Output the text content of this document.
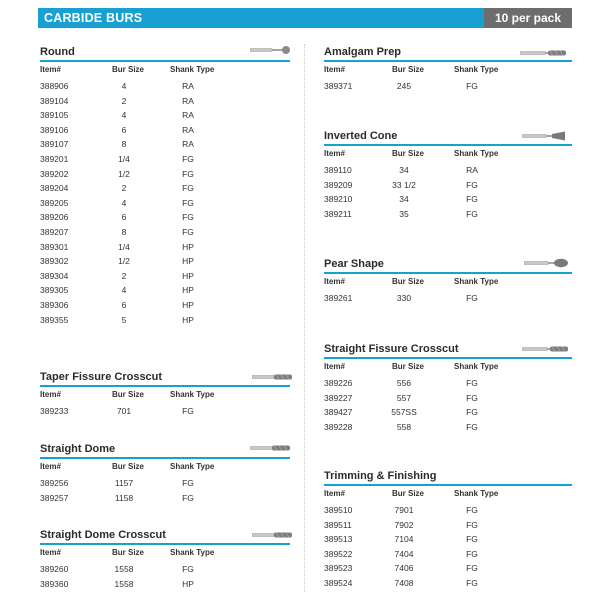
CARBIDE BURS	10 per pack
Round
Item#	Bur Size	Shank Type
388906	4	RA
389104	2	RA
389105	4	RA
389106	6	RA
389107	8	RA
389201	1/4	FG
389202	1/2	FG
389204	2	FG
389205	4	FG
389206	6	FG
389207	8	FG
389301	1/4	HP
389302	1/2	HP
389304	2	HP
389305	4	HP
389306	6	HP
389355	5	HP
Taper Fissure Crosscut
Item#	Bur Size	Shank Type
389233	701	FG
Straight Dome
Item#	Bur Size	Shank Type
389256	1157	FG
389257	1158	FG
Straight Dome Crosscut
Item#	Bur Size	Shank Type
389260	1558	FG
389360	1558	HP
Amalgam Prep
Item#	Bur Size	Shank Type
389371	245	FG
Inverted Cone
Item#	Bur Size	Shank Type
389110	34	RA
389209	33 1/2	FG
389210	34	FG
389211	35	FG
Pear Shape
Item#	Bur Size	Shank Type
389261	330	FG
Straight Fissure Crosscut
Item#	Bur Size	Shank Type
389226	556	FG
389227	557	FG
389427	557SS	FG
389228	558	FG
Trimming & Finishing
Item#	Bur Size	Shank Type
389510	7901	FG
389511	7902	FG
389513	7104	FG
389522	7404	FG
389523	7406	FG
389524	7408	FG
